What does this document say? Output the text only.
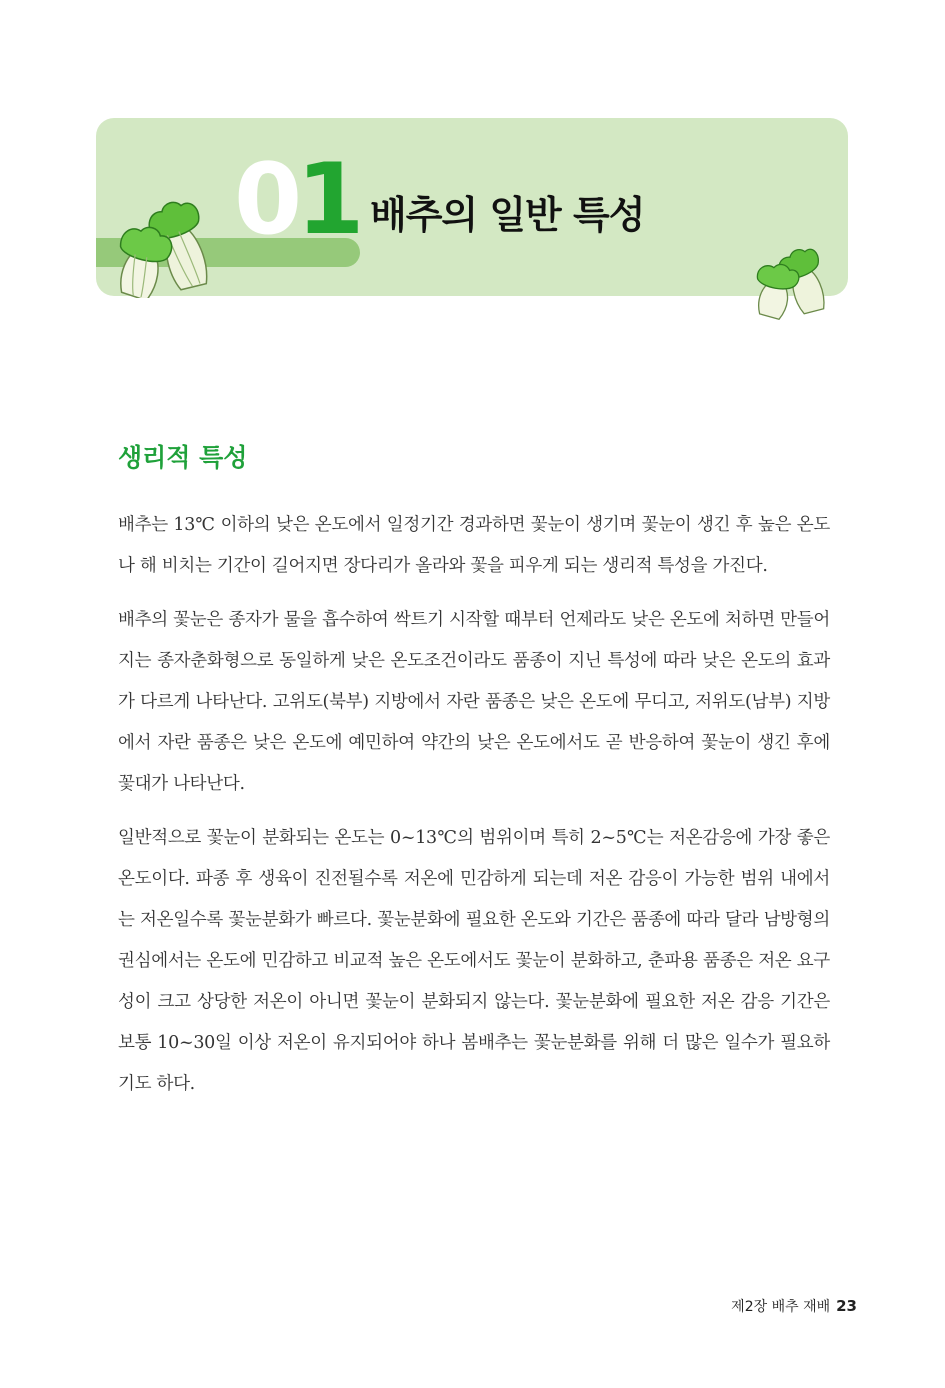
01 배추의 일반 특성
생리적 특성

배추는 13℃ 이하의 낮은 온도에서 일정기간 경과하면 꽃눈이 생기며 꽃눈이 생긴 후 높은 온도나 해 비치는 기간이 길어지면 장다리가 올라와 꽃을 피우게 되는 생리적 특성을 가진다.

배추의 꽃눈은 종자가 물을 흡수하여 싹트기 시작할 때부터 언제라도 낮은 온도에 처하면 만들어지는 종자춘화형으로 동일하게 낮은 온도조건이라도 품종이 지닌 특성에 따라 낮은 온도의 효과가 다르게 나타난다. 고위도(북부) 지방에서 자란 품종은 낮은 온도에 무디고, 저위도(남부) 지방에서 자란 품종은 낮은 온도에 예민하여 약간의 낮은 온도에서도 곧 반응하여 꽃눈이 생긴 후에 꽃대가 나타난다.

일반적으로 꽃눈이 분화되는 온도는 0~13℃의 범위이며 특히 2~5℃는 저온감응에 가장 좋은 온도이다. 파종 후 생육이 진전될수록 저온에 민감하게 되는데 저온 감응이 가능한 범위 내에서는 저온일수록 꽃눈분화가 빠르다. 꽃눈분화에 필요한 온도와 기간은 품종에 따라 달라 남방형의 권심에서는 온도에 민감하고 비교적 높은 온도에서도 꽃눈이 분화하고, 춘파용 품종은 저온 요구성이 크고 상당한 저온이 아니면 꽃눈이 분화되지 않는다. 꽃눈분화에 필요한 저온 감응 기간은 보통 10~30일 이상 저온이 유지되어야 하나 봄배추는 꽃눈분화를 위해 더 많은 일수가 필요하기도 하다.

제2장 배추 재배 23
